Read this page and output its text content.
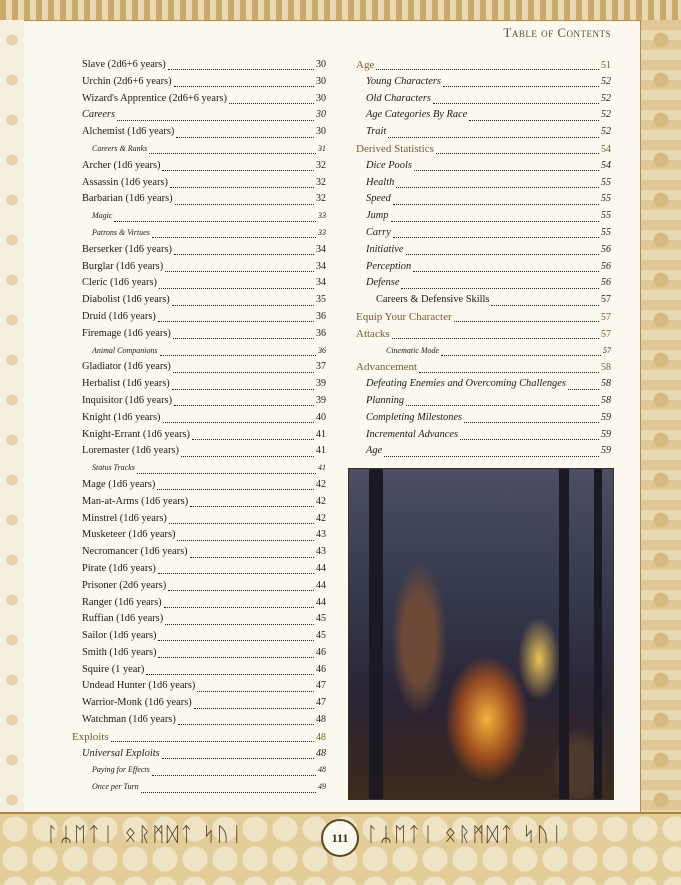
Table of Contents
Slave (2d6+6 years)	30
Urchin (2d6+6 years)	30
Wizard's Apprentice (2d6+6 years)	30
Careers	30
Alchemist (1d6 years)	30
Careers & Ranks	31
Archer (1d6 years)	32
Assassin (1d6 years)	32
Barbarian (1d6 years)	32
Magic	33
Patrons & Virtues	33
Berserker (1d6 years)	34
Burglar (1d6 years)	34
Cleric (1d6 years)	34
Diabolist (1d6 years)	35
Druid (1d6 years)	36
Firemage (1d6 years)	36
Animal Companions	36
Gladiator (1d6 years)	37
Herbalist (1d6 years)	39
Inquisitor (1d6 years)	39
Knight (1d6 years)	40
Knight-Errant (1d6 years)	41
Loremaster (1d6 years)	41
Status Tracks	41
Mage (1d6 years)	42
Man-at-Arms (1d6 years)	42
Minstrel (1d6 years)	42
Musketeer (1d6 years)	43
Necromancer (1d6 years)	43
Pirate (1d6 years)	44
Prisoner (2d6 years)	44
Ranger (1d6 years)	44
Ruffian (1d6 years)	45
Sailor (1d6 years)	45
Smith (1d6 years)	46
Squire (1 year)	46
Undead Hunter (1d6 years)	47
Warrior-Monk (1d6 years)	47
Watchman (1d6 years)	48
Exploits	48
Universal Exploits	48
Paying for Effects	48
Once per Turn	49
Age	51
Young Characters	52
Old Characters	52
Age Categories By Race	52
Trait	52
Derived Statistics	54
Dice Pools	54
Health	55
Speed	55
Jump	55
Carry	55
Initiative	56
Perception	56
Defense	56
Careers & Defensive Skills	57
Equip Your Character	57
Attacks	57
Cinematic Mode	57
Advancement	58
Defeating Enemies and Overcoming Challenges	58
Planning	58
Completing Milestones	59
Incremental Advances	59
Age	59
ᛚᛦᛖᛏᛁ ᛟᚱᛗᛞᛏ ᛋᚢᛁ	ᛚᛦᛖᛏᛁ ᛟᚱᛗᛞᛏ ᛋᚢᛁ
111
